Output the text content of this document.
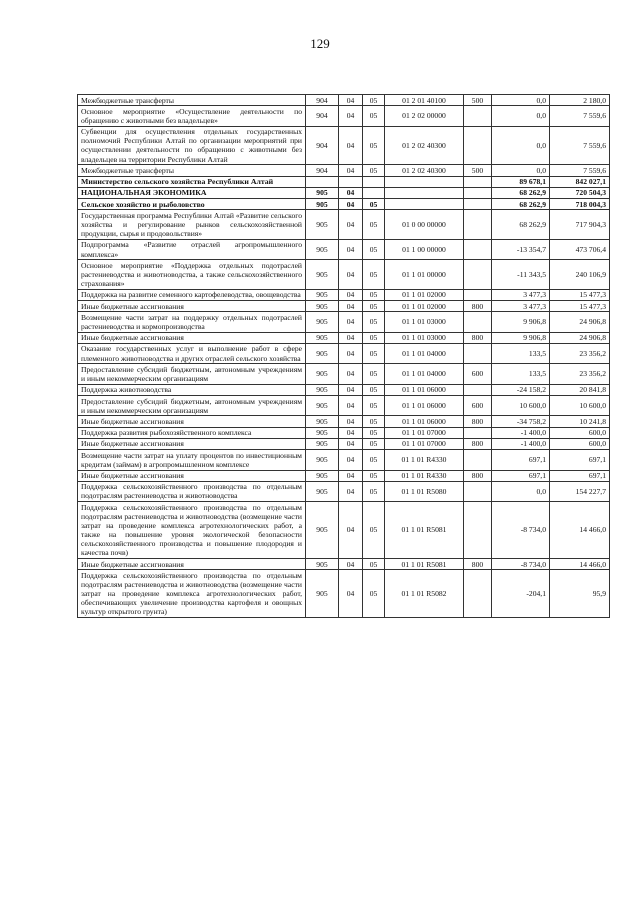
129
Межбюджетные трансферты	904	04	05	01 2 01 40100	500	0,0	2 180,0
Основное мероприятие «Осуществление деятельности по обращению с животными без владельцев»	904	04	05	01 2 02 00000		0,0	7 559,6
Субвенции для осуществления отдельных государственных полномочий Республики Алтай по организации мероприятий при осуществлении деятельности по обращению с животными без владельцев на территории Республики Алтай	904	04	05	01 2 02 40300		0,0	7 559,6
Межбюджетные трансферты	904	04	05	01 2 02 40300	500	0,0	7 559,6
Министерство сельского хозяйства Республики Алтай						89 678,1	842 027,1
НАЦИОНАЛЬНАЯ ЭКОНОМИКА	905	04				68 262,9	720 504,3
Сельское хозяйство и рыболовство	905	04	05			68 262,9	718 004,3
Государственная программа Республики Алтай «Развитие сельского хозяйства и регулирование рынков сельскохозяйственной продукции, сырья и продовольствия»	905	04	05	01 0 00 00000		68 262,9	717 904,3
Подпрограмма «Развитие отраслей агропромышленного комплекса»	905	04	05	01 1 00 00000		-13 354,7	473 706,4
Основное мероприятие «Поддержка отдельных подотраслей растениеводства и животноводства, а также сельскохозяйственного страхования»	905	04	05	01 1 01 00000		-11 343,5	240 106,9
Поддержка на развитие семенного картофелеводства, овощеводства	905	04	05	01 1 01 02000		3 477,3	15 477,3
Иные бюджетные ассигнования	905	04	05	01 1 01 02000	800	3 477,3	15 477,3
Возмещение части затрат на поддержку отдельных подотраслей растениеводства и кормопроизводства	905	04	05	01 1 01 03000		9 906,8	24 906,8
Иные бюджетные ассигнования	905	04	05	01 1 01 03000	800	9 906,8	24 906,8
Оказание государственных услуг и выполнение работ в сфере племенного животноводства и других отраслей сельского хозяйства	905	04	05	01 1 01 04000		133,5	23 356,2
Предоставление субсидий бюджетным, автономным учреждениям и иным некоммерческим организациям	905	04	05	01 1 01 04000	600	133,5	23 356,2
Поддержка животноводства	905	04	05	01 1 01 06000		-24 158,2	20 841,8
Предоставление субсидий бюджетным, автономным учреждениям и иным некоммерческим организациям	905	04	05	01 1 01 06000	600	10 600,0	10 600,0
Иные бюджетные ассигнования	905	04	05	01 1 01 06000	800	-34 758,2	10 241,8
Поддержка развития рыбохозяйственного комплекса	905	04	05	01 1 01 07000		-1 400,0	600,0
Иные бюджетные ассигнования	905	04	05	01 1 01 07000	800	-1 400,0	600,0
Возмещение части затрат на уплату процентов по инвестиционным кредитам (займам) в агропромышленном комплексе	905	04	05	01 1 01 R4330		697,1	697,1
Иные бюджетные ассигнования	905	04	05	01 1 01 R4330	800	697,1	697,1
Поддержка сельскохозяйственного производства по отдельным подотраслям растениеводства и животноводства	905	04	05	01 1 01 R5080		0,0	154 227,7
Поддержка сельскохозяйственного производства по отдельным подотраслям растениеводства и животноводства (возмещение части затрат на проведение комплекса агротехнологических работ, а также на повышение уровня экологической безопасности сельскохозяйственного производства и повышение плодородия и качества почв)	905	04	05	01 1 01 R5081		-8 734,0	14 466,0
Иные бюджетные ассигнования	905	04	05	01 1 01 R5081	800	-8 734,0	14 466,0
Поддержка сельскохозяйственного производства по отдельным подотраслям растениеводства и животноводства (возмещение части затрат на проведение комплекса агротехнологических работ, обеспечивающих увеличение производства картофеля и овощных культур открытого грунта)	905	04	05	01 1 01 R5082		-204,1	95,9
